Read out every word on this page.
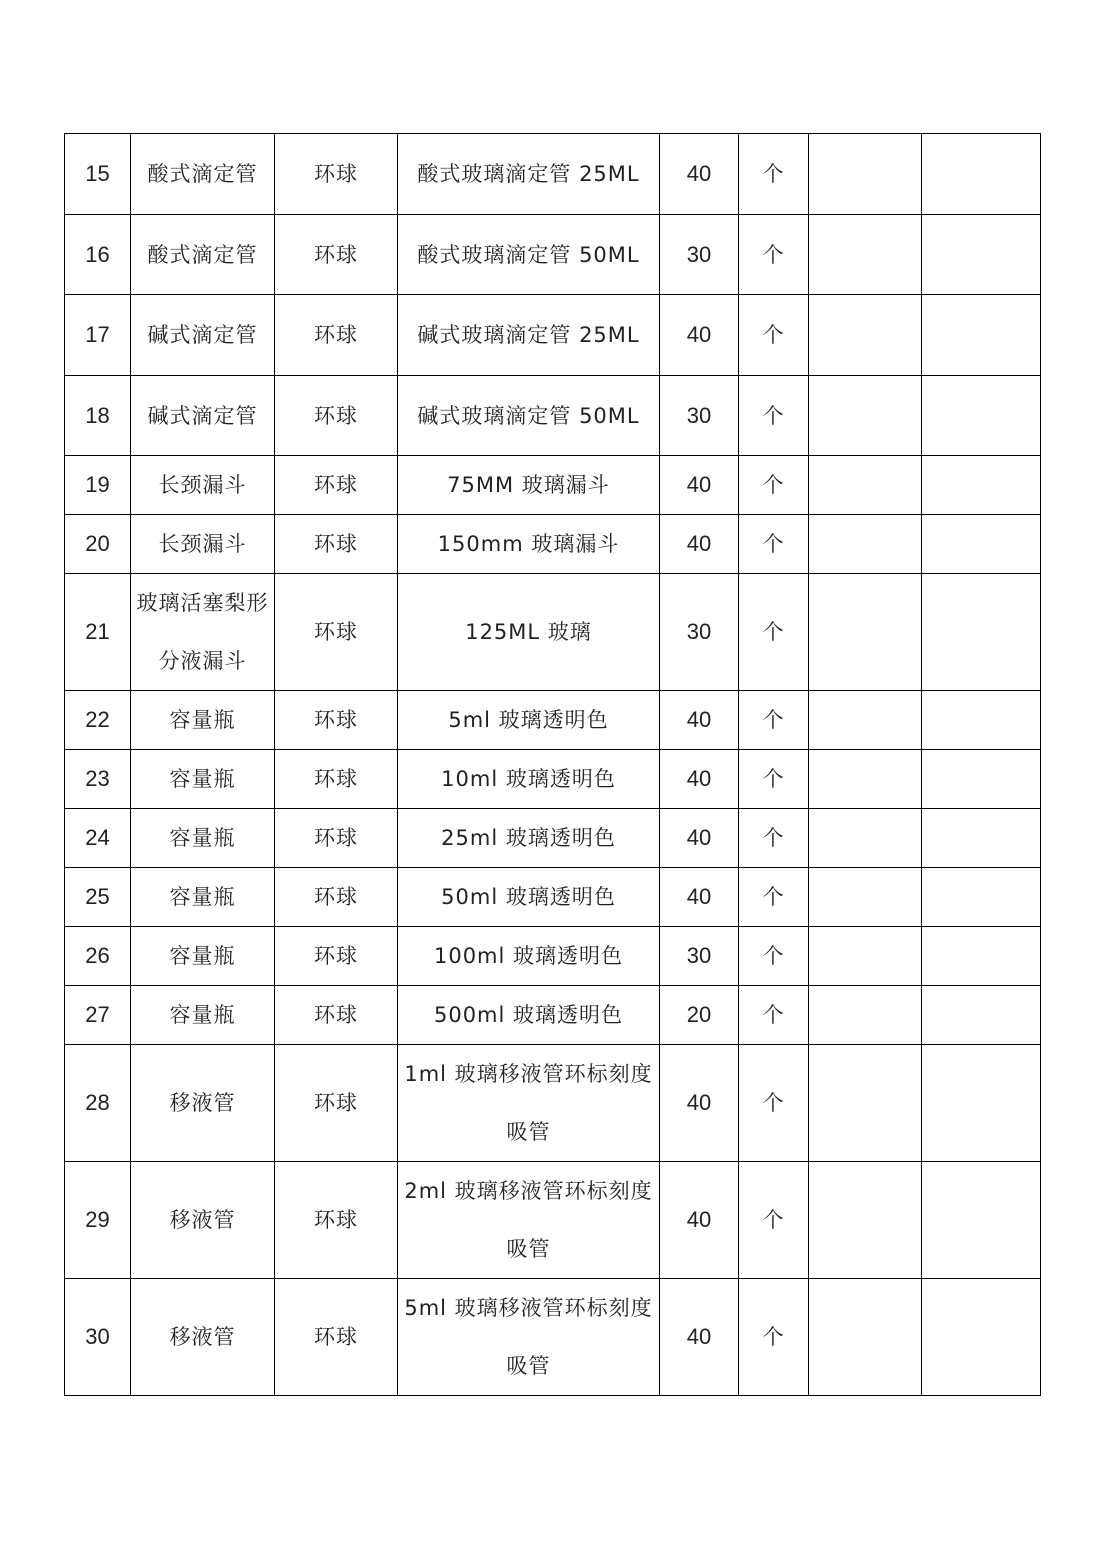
15	酸式滴定管	环球	酸式玻璃滴定管 25ML	40	个		
16	酸式滴定管	环球	酸式玻璃滴定管 50ML	30	个		
17	碱式滴定管	环球	碱式玻璃滴定管 25ML	40	个		
18	碱式滴定管	环球	碱式玻璃滴定管 50ML	30	个		
19	长颈漏斗	环球	75MM 玻璃漏斗	40	个		
20	长颈漏斗	环球	150mm 玻璃漏斗	40	个		
21	玻璃活塞梨形分液漏斗	环球	125ML 玻璃	30	个		
22	容量瓶	环球	5ml 玻璃透明色	40	个		
23	容量瓶	环球	10ml 玻璃透明色	40	个		
24	容量瓶	环球	25ml 玻璃透明色	40	个		
25	容量瓶	环球	50ml 玻璃透明色	40	个		
26	容量瓶	环球	100ml 玻璃透明色	30	个		
27	容量瓶	环球	500ml 玻璃透明色	20	个		
28	移液管	环球	1ml 玻璃移液管环标刻度吸管	40	个		
29	移液管	环球	2ml 玻璃移液管环标刻度吸管	40	个		
30	移液管	环球	5ml 玻璃移液管环标刻度吸管	40	个		
